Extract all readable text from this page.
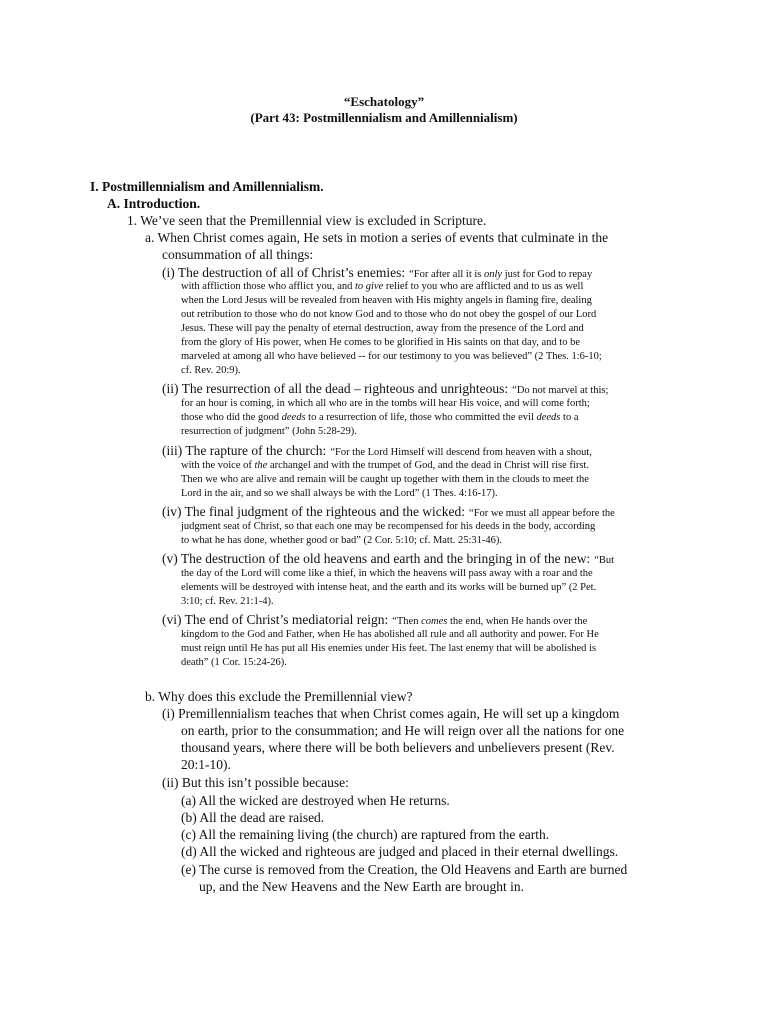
“Eschatology”
(Part 43: Postmillennialism and Amillennialism)
I. Postmillennialism and Amillennialism.
A. Introduction.
1. We’ve seen that the Premillennial view is excluded in Scripture.
a. When Christ comes again, He sets in motion a series of events that culminate in the
consummation of all things:
(i) The destruction of all of Christ’s enemies: “For after all it is only just for God to repay
with affliction those who afflict you, and to give relief to you who are afflicted and to us as well
when the Lord Jesus will be revealed from heaven with His mighty angels in flaming fire, dealing
out retribution to those who do not know God and to those who do not obey the gospel of our Lord
Jesus. These will pay the penalty of eternal destruction, away from the presence of the Lord and
from the glory of His power, when He comes to be glorified in His saints on that day, and to be
marveled at among all who have believed -- for our testimony to you was believed” (2 Thes. 1:6-10;
cf. Rev. 20:9).
(ii) The resurrection of all the dead – righteous and unrighteous: “Do not marvel at this;
for an hour is coming, in which all who are in the tombs will hear His voice, and will come forth;
those who did the good deeds to a resurrection of life, those who committed the evil deeds to a
resurrection of judgment” (John 5:28-29).
(iii) The rapture of the church: “For the Lord Himself will descend from heaven with a shout,
with the voice of the archangel and with the trumpet of God, and the dead in Christ will rise first.
Then we who are alive and remain will be caught up together with them in the clouds to meet the
Lord in the air, and so we shall always be with the Lord” (1 Thes. 4:16-17).
(iv) The final judgment of the righteous and the wicked: “For we must all appear before the
judgment seat of Christ, so that each one may be recompensed for his deeds in the body, according
to what he has done, whether good or bad” (2 Cor. 5:10; cf. Matt. 25:31-46).
(v) The destruction of the old heavens and earth and the bringing in of the new: “But
the day of the Lord will come like a thief, in which the heavens will pass away with a roar and the
elements will be destroyed with intense heat, and the earth and its works will be burned up” (2 Pet.
3:10; cf. Rev. 21:1-4).
(vi) The end of Christ’s mediatorial reign: “Then comes the end, when He hands over the
kingdom to the God and Father, when He has abolished all rule and all authority and power. For He
must reign until He has put all His enemies under His feet. The last enemy that will be abolished is
death” (1 Cor. 15:24-26).
b. Why does this exclude the Premillennial view?
(i) Premillennialism teaches that when Christ comes again, He will set up a kingdom
on earth, prior to the consummation; and He will reign over all the nations for one
thousand years, where there will be both believers and unbelievers present (Rev.
20:1-10).
(ii) But this isn’t possible because:
(a) All the wicked are destroyed when He returns.
(b) All the dead are raised.
(c) All the remaining living (the church) are raptured from the earth.
(d) All the wicked and righteous are judged and placed in their eternal dwellings.
(e) The curse is removed from the Creation, the Old Heavens and Earth are burned
up, and the New Heavens and the New Earth are brought in.
